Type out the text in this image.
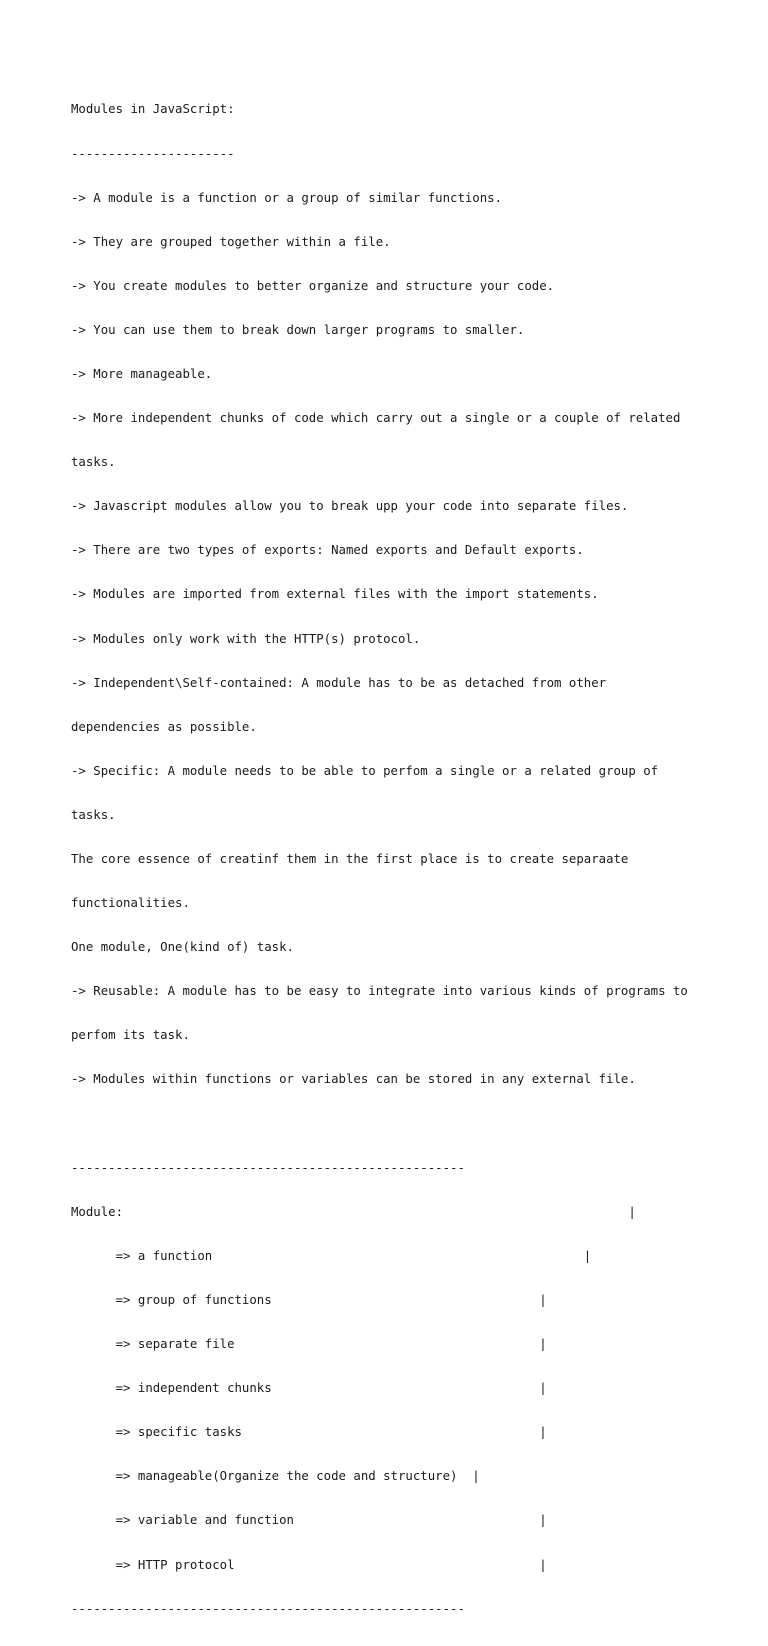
Modules in JavaScript:

----------------------

-> A module is a function or a group of similar functions.

-> They are grouped together within a file.

-> You create modules to better organize and structure your code.

-> You can use them to break down larger programs to smaller.

-> More manageable.

-> More independent chunks of code which carry out a single or a couple of related

tasks.

-> Javascript modules allow you to break upp your code into separate files.

-> There are two types of exports: Named exports and Default exports.

-> Modules are imported from external files with the import statements.

-> Modules only work with the HTTP(s) protocol.

-> Independent\Self-contained: A module has to be as detached from other

dependencies as possible.

-> Specific: A module needs to be able to perfom a single or a related group of

tasks.

The core essence of creatinf them in the first place is to create separaate

functionalities.

One module, One(kind of) task.

-> Reusable: A module has to be easy to integrate into various kinds of programs to

perfom its task.

-> Modules within functions or variables can be stored in any external file.

-----------------------------------------------------

Module:                                                                    |

=> a function                                                  |

=> group of functions                                    |

=> separate file                                         |

=> independent chunks                                    |

=> specific tasks                                        |

=> manageable(Organize the code and structure)  |

=> variable and function                                 |

=> HTTP protocol                                         |

-----------------------------------------------------
